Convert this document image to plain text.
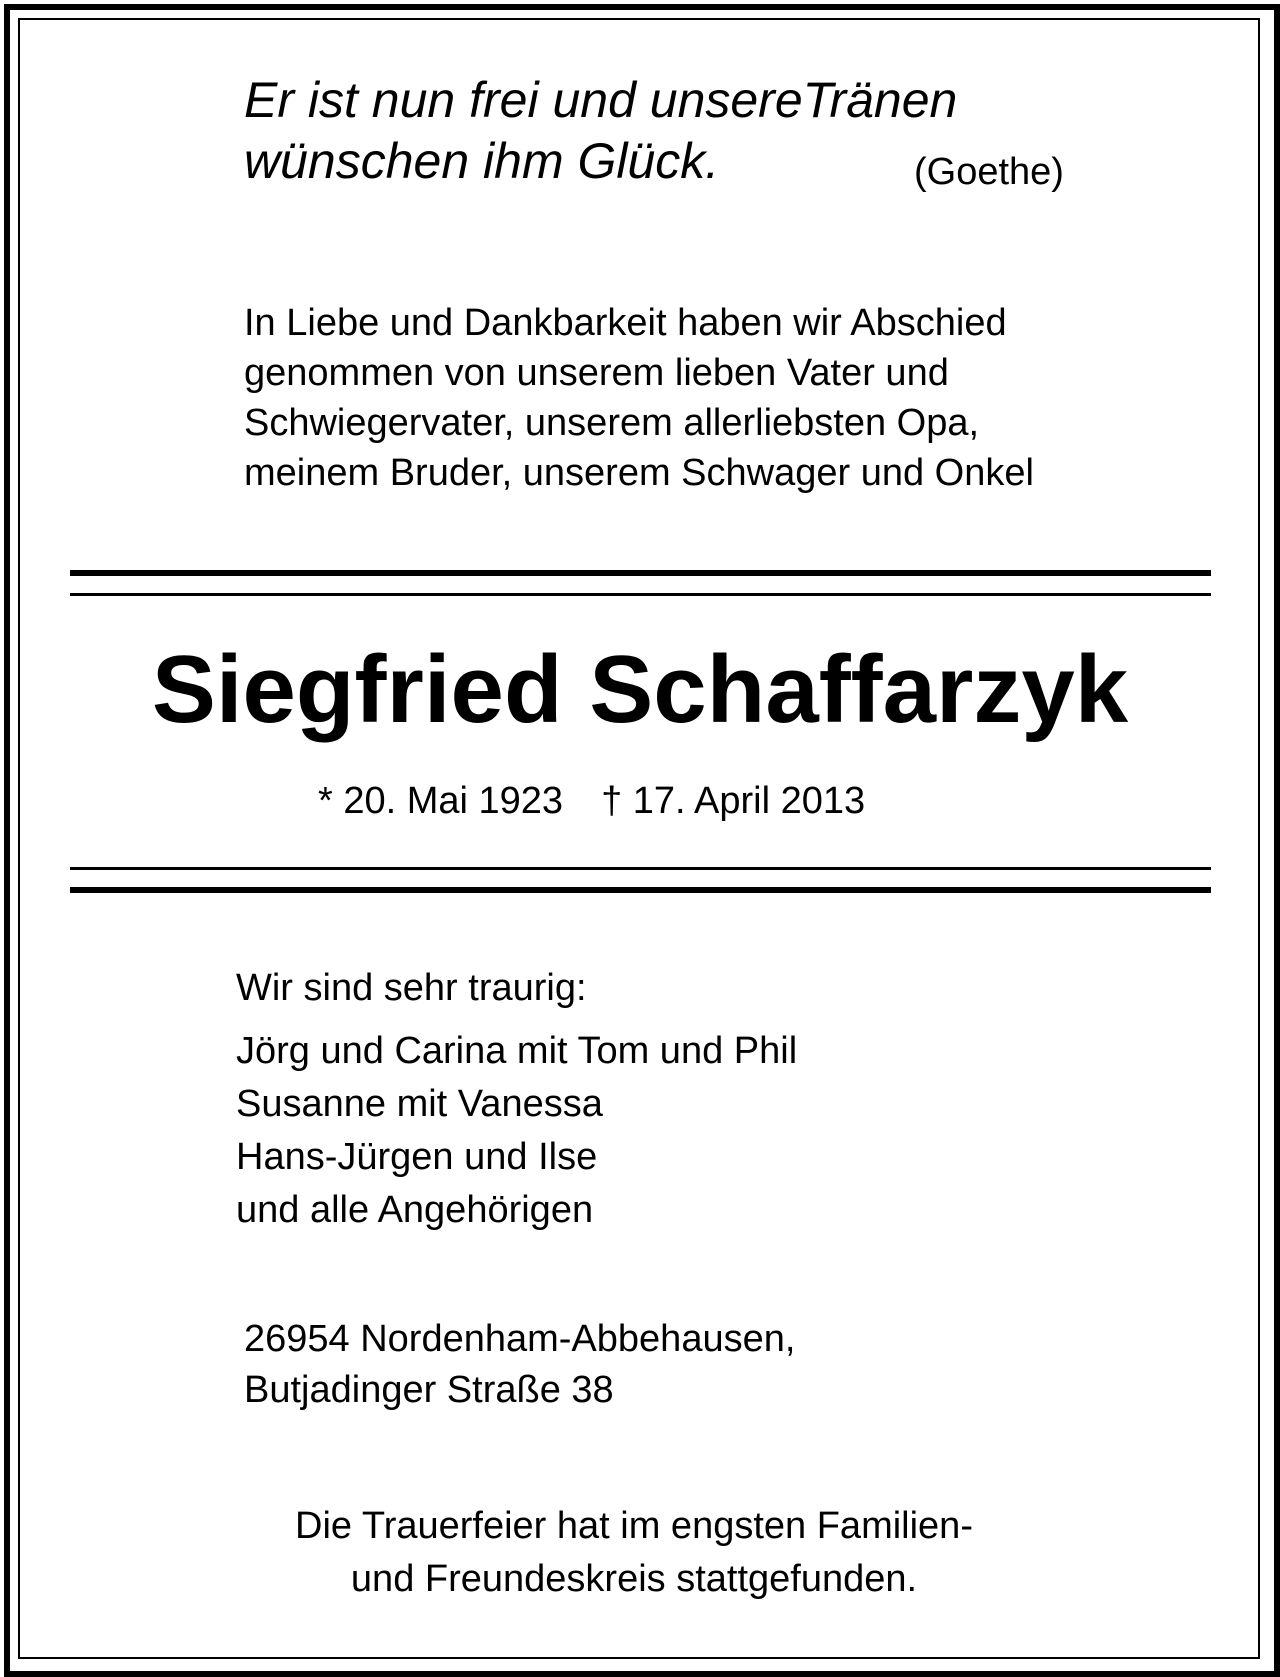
Er ist nun frei und unsereTränen
wünschen ihm Glück.	(Goethe)
In Liebe und Dankbarkeit haben wir Abschied
genommen von unserem lieben Vater und
Schwiegervater, unserem allerliebsten Opa,
meinem Bruder, unserem Schwager und Onkel
Siegfried Schaffarzyk
* 20. Mai 1923 † 17. April 2013
Wir sind sehr traurig:
Jörg und Carina mit Tom und Phil
Susanne mit Vanessa
Hans-Jürgen und Ilse
und alle Angehörigen
26954 Nordenham-Abbehausen,
Butjadinger Straße 38
Die Trauerfeier hat im engsten Familien-
und Freundeskreis stattgefunden.
